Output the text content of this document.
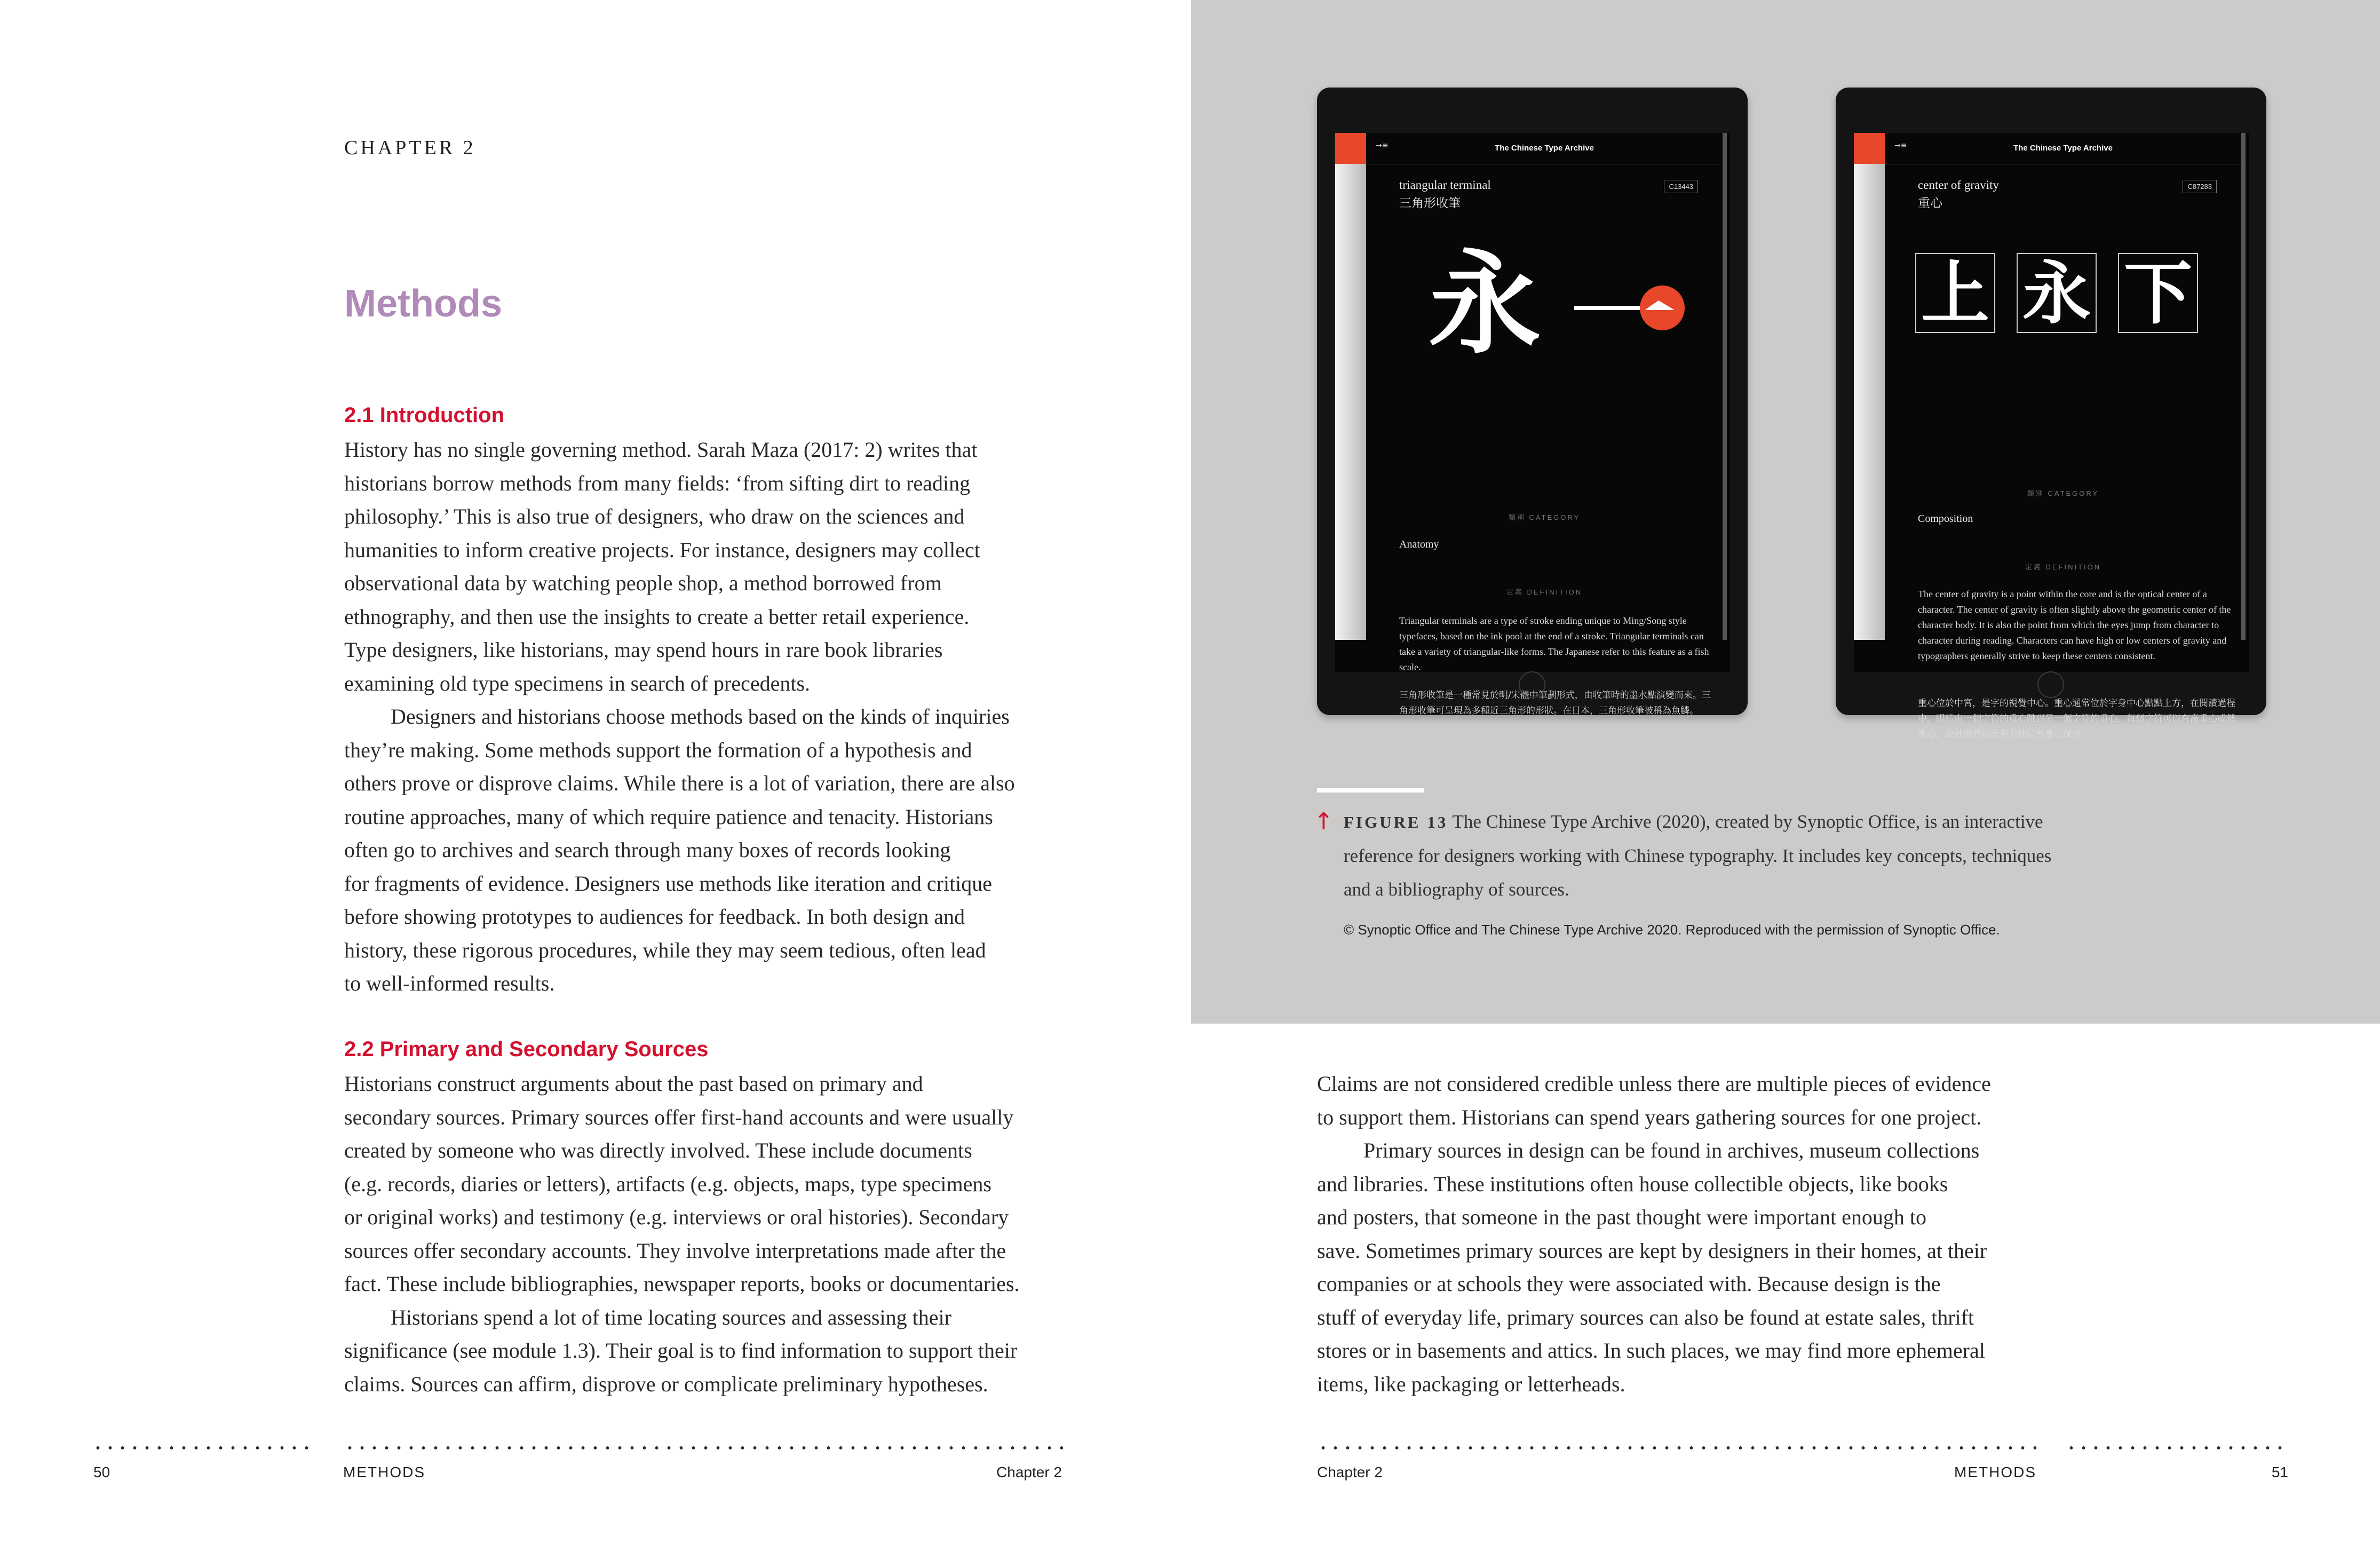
CHAPTER 2
Methods
2.1 Introduction

History has no single governing method. Sarah Maza (2017: 2) writes that

historians borrow methods from many fields: ‘from sifting dirt to reading

philosophy.’ This is also true of designers, who draw on the sciences and

humanities to inform creative projects. For instance, designers may collect

observational data by watching people shop, a method borrowed from

ethnography, and then use the insights to create a better retail experience.

Type designers, like historians, may spend hours in rare book libraries

examining old type specimens in search of precedents.

Designers and historians choose methods based on the kinds of inquiries

they’re making. Some methods support the formation of a hypothesis and

others prove or disprove claims. While there is a lot of variation, there are also

routine approaches, many of which require patience and tenacity. Historians

often go to archives and search through many boxes of records looking

for fragments of evidence. Designers use methods like iteration and critique

before showing prototypes to audiences for feedback. In both design and

history, these rigorous procedures, while they may seem tedious, often lead

to well-informed results.

2.2 Primary and Secondary Sources

Historians construct arguments about the past based on primary and

secondary sources. Primary sources offer first-hand accounts and were usually

created by someone who was directly involved. These include documents

(e.g. records, diaries or letters), artifacts (e.g. objects, maps, type specimens

or original works) and testimony (e.g. interviews or oral histories). Secondary

sources offer secondary accounts. They involve interpretations made after the

fact. These include bibliographies, newspaper reports, books or documentaries.

Historians spend a lot of time locating sources and assessing their

significance (see module 1.3). Their goal is to find information to support their

claims. Sources can affirm, disprove or complicate preliminary hypotheses.

50	METHODS	Chapter 2
→≡	The Chinese Type Archive
triangular terminal
三角形收筆
C13443
永
類別 CATEGORY
Anatomy
定義 DEFINITION
Triangular terminals are a type of stroke ending unique to Ming/Song style typefaces, based on the ink pool at the end of a stroke. Triangular terminals can take a variety of triangular-like forms. The Japanese refer to this feature as a fish scale.
三角形收筆是一種常見於明/宋體中筆劃形式，由收筆時的墨水點演變而來。三角形收筆可呈現為多種近三角形的形狀。在日本，三角形收筆被稱為魚鱗。
→≡	The Chinese Type Archive
center of gravity
重心
C87283
上 永 下
類別 CATEGORY
Composition
定義 DEFINITION
The center of gravity is a point within the core and is the optical center of a character. The center of gravity is often slightly above the geometric center of the character body. It is also the point from which the eyes jump from character to character during reading. Characters can have high or low centers of gravity and typographers generally strive to keep these centers consistent.
重心位於中宮，是字的視覺中心。重心通常位於字身中心點點上方，在閱讀過程中，眼睛由一個字符的重心跳到另一個字符的重心。每個字符可以有高重心或低重心，設計師們通常努力使這些重心保持一
↑ FIGURE 13 The Chinese Type Archive (2020), created by Synoptic Office, is an interactive reference for designers working with Chinese typography. It includes key concepts, techniques and a bibliography of sources.

© Synoptic Office and The Chinese Type Archive 2020. Reproduced with the permission of Synoptic Office.

Claims are not considered credible unless there are multiple pieces of evidence

to support them. Historians can spend years gathering sources for one project.

Primary sources in design can be found in archives, museum collections

and libraries. These institutions often house collectible objects, like books

and posters, that someone in the past thought were important enough to

save. Sometimes primary sources are kept by designers in their homes, at their

companies or at schools they were associated with. Because design is the

stuff of everyday life, primary sources can also be found at estate sales, thrift

stores or in basements and attics. In such places, we may find more ephemeral

items, like packaging or letterheads.

Chapter 2	METHODS	51
